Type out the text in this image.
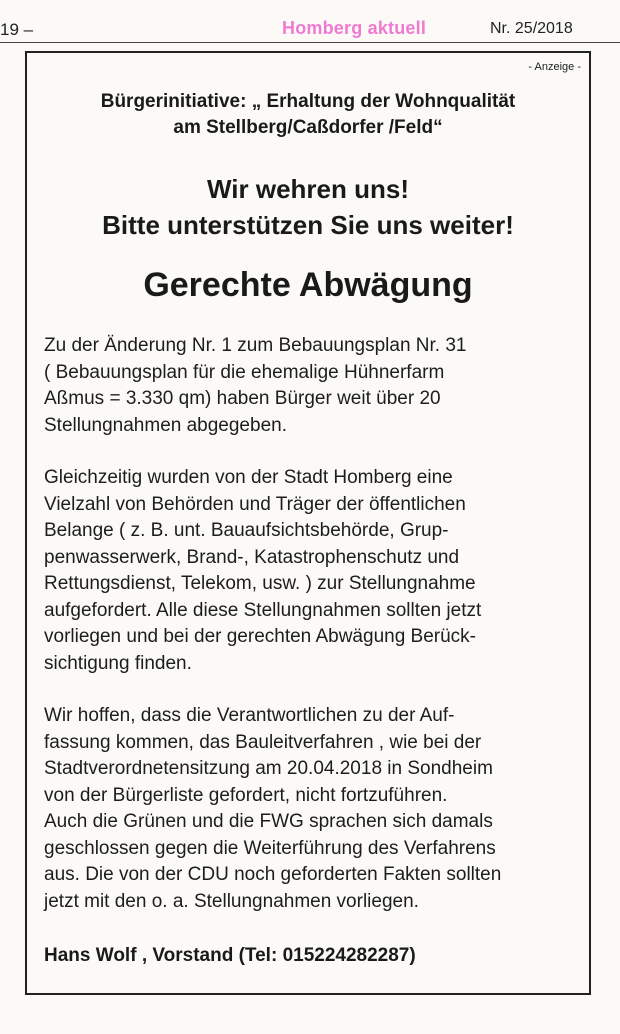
19 –	Homberg aktuell	Nr. 25/2018
- Anzeige -
Bürgerinitiative: „ Erhaltung der Wohnqualität
am Stellberg/Caßdorfer /Feld“
Wir wehren uns!
Bitte unterstützen Sie uns weiter!
Gerechte Abwägung
Zu der Änderung Nr. 1 zum Bebauungsplan Nr. 31
( Bebauungsplan für die ehemalige Hühnerfarm
Aßmus = 3.330 qm) haben Bürger weit über 20
Stellungnahmen abgegeben.
Gleichzeitig wurden von der Stadt Homberg eine
Vielzahl von Behörden und Träger der öffentlichen
Belange ( z. B. unt. Bauaufsichtsbehörde, Grup-
penwasserwerk, Brand-, Katastrophenschutz und
Rettungsdienst, Telekom, usw. ) zur Stellungnahme
aufgefordert. Alle diese Stellungnahmen sollten jetzt
vorliegen und bei der gerechten Abwägung Berück-
sichtigung finden.
Wir hoffen, dass die Verantwortlichen zu der Auf-
fassung kommen, das Bauleitverfahren , wie bei der
Stadtverordnetensitzung am 20.04.2018 in Sondheim
von der Bürgerliste gefordert, nicht fortzuführen.
Auch die Grünen und die FWG sprachen sich damals
geschlossen gegen die Weiterführung des Verfahrens
aus. Die von der CDU noch geforderten Fakten sollten
jetzt mit den o. a. Stellungnahmen vorliegen.
Hans Wolf , Vorstand (Tel: 015224282287)
